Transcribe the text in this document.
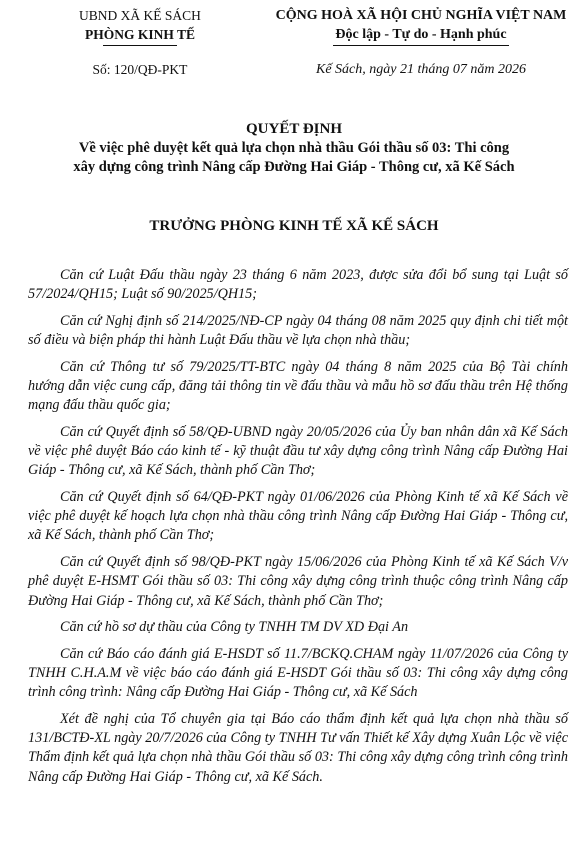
UBND XÃ KẾ SÁCH
PHÒNG KINH TẾ
Số: 120/QĐ-PKT
CỘNG HOÀ XÃ HỘI CHỦ NGHĨA VIỆT NAM
Độc lập - Tự do - Hạnh phúc
Kế Sách, ngày 21 tháng 07 năm 2026
QUYẾT ĐỊNH
Về việc phê duyệt kết quả lựa chọn nhà thầu Gói thầu số 03: Thi công
xây dựng công trình Nâng cấp Đường Hai Giáp - Thông cư, xã Kế Sách
TRƯỞNG PHÒNG KINH TẾ XÃ KẾ SÁCH

Căn cứ Luật Đấu thầu ngày 23 tháng 6 năm 2023, được sửa đổi bổ sung tại Luật số 57/2024/QH15; Luật số 90/2025/QH15;

Căn cứ Nghị định số 214/2025/NĐ-CP ngày 04 tháng 08 năm 2025 quy định chi tiết một số điều và biện pháp thi hành Luật Đấu thầu về lựa chọn nhà thầu;

Căn cứ Thông tư số 79/2025/TT-BTC ngày 04 tháng 8 năm 2025 của Bộ Tài chính hướng dẫn việc cung cấp, đăng tải thông tin về đấu thầu và mẫu hồ sơ đấu thầu trên Hệ thống mạng đấu thầu quốc gia;

Căn cứ Quyết định số 58/QĐ-UBND ngày 20/05/2026 của Ủy ban nhân dân xã Kế Sách về việc phê duyệt Báo cáo kinh tế - kỹ thuật đầu tư xây dựng công trình Nâng cấp Đường Hai Giáp - Thông cư, xã Kế Sách, thành phố Cần Thơ;

Căn cứ Quyết định số 64/QĐ-PKT ngày 01/06/2026 của Phòng Kinh tế xã Kế Sách về việc phê duyệt kế hoạch lựa chọn nhà thầu công trình Nâng cấp Đường Hai Giáp - Thông cư, xã Kế Sách, thành phố Cần Thơ;

Căn cứ Quyết định số 98/QĐ-PKT ngày 15/06/2026 của Phòng Kinh tế xã Kế Sách V/v phê duyệt E-HSMT Gói thầu số 03: Thi công xây dựng công trình thuộc công trình Nâng cấp Đường Hai Giáp - Thông cư, xã Kế Sách, thành phố Cần Thơ;

Căn cứ hồ sơ dự thầu của Công ty TNHH TM DV XD Đại An

Căn cứ Báo cáo đánh giá E-HSDT số 11.7/BCKQ.CHAM ngày 11/07/2026 của Công ty TNHH C.H.A.M về việc báo cáo đánh giá E-HSDT Gói thầu số 03: Thi công xây dựng công trình công trình: Nâng cấp Đường Hai Giáp - Thông cư, xã Kế Sách

Xét đề nghị của Tổ chuyên gia tại Báo cáo thẩm định kết quả lựa chọn nhà thầu số 131/BCTĐ-XL ngày 20/7/2026 của Công ty TNHH Tư vấn Thiết kế Xây dựng Xuân Lộc về việc Thẩm định kết quả lựa chọn nhà thầu Gói thầu số 03: Thi công xây dựng công trình công trình Nâng cấp Đường Hai Giáp - Thông cư, xã Kế Sách.
